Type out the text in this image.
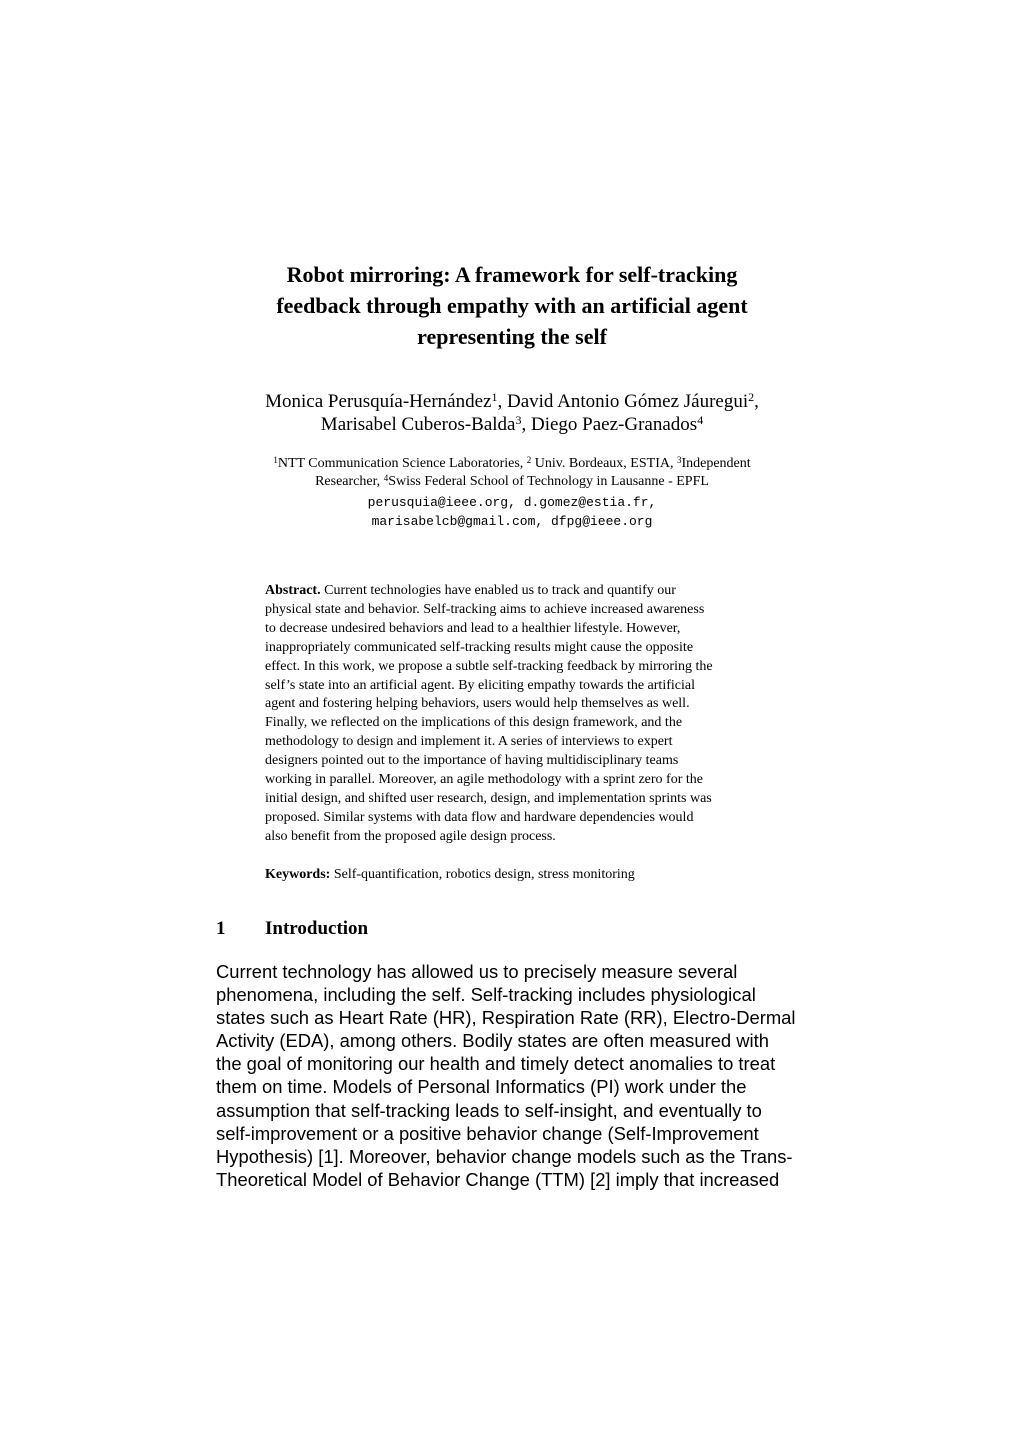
Robot mirroring: A framework for self-tracking
feedback through empathy with an artificial agent
representing the self
Monica Perusquía-Hernández$^1$, David Antonio Gómez Jáuregui$^2$,
Marisabel Cuberos-Balda$^3$, Diego Paez-Granados$^4$
$^1$NTT Communication Science Laboratories, $^2$ Univ. Bordeaux, ESTIA, $^3$Independent
Researcher, $^4$Swiss Federal School of Technology in Lausanne - EPFL
perusquia@ieee.org, d.gomez@estia.fr,
marisabelcb@gmail.com, dfpg@ieee.org
Abstract. Current technologies have enabled us to track and quantify our
physical state and behavior. Self-tracking aims to achieve increased awareness
to decrease undesired behaviors and lead to a healthier lifestyle. However,
inappropriately communicated self-tracking results might cause the opposite
effect. In this work, we propose a subtle self-tracking feedback by mirroring the
self’s state into an artificial agent. By eliciting empathy towards the artificial
agent and fostering helping behaviors, users would help themselves as well.
Finally, we reflected on the implications of this design framework, and the
methodology to design and implement it. A series of interviews to expert
designers pointed out to the importance of having multidisciplinary teams
working in parallel. Moreover, an agile methodology with a sprint zero for the
initial design, and shifted user research, design, and implementation sprints was
proposed. Similar systems with data flow and hardware dependencies would
also benefit from the proposed agile design process.
Keywords: Self-quantification, robotics design, stress monitoring
1 Introduction
Current technology has allowed us to precisely measure several
phenomena, including the self. Self-tracking includes physiological
states such as Heart Rate (HR), Respiration Rate (RR), Electro-Dermal
Activity (EDA), among others. Bodily states are often measured with
the goal of monitoring our health and timely detect anomalies to treat
them on time. Models of Personal Informatics (PI) work under the
assumption that self-tracking leads to self-insight, and eventually to
self-improvement or a positive behavior change (Self-Improvement
Hypothesis) [1]. Moreover, behavior change models such as the Trans-
Theoretical Model of Behavior Change (TTM) [2] imply that increased
